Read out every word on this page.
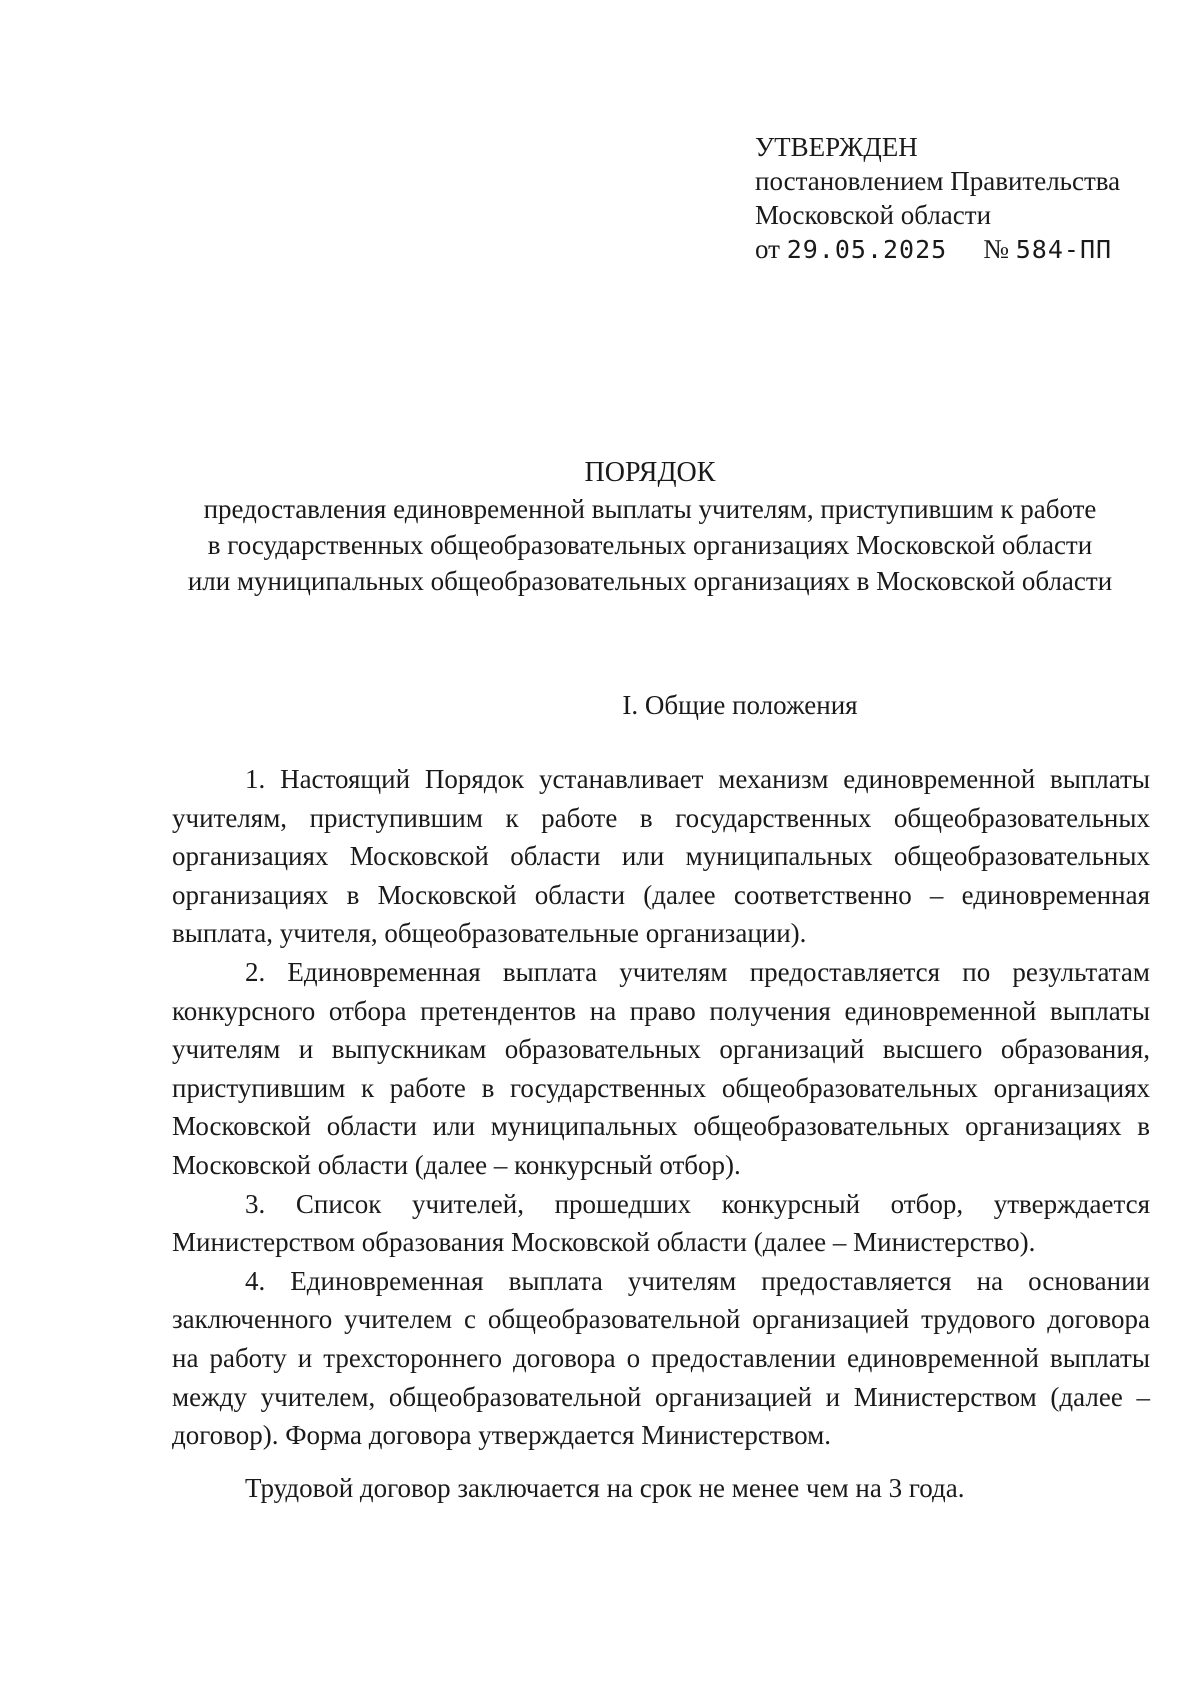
УТВЕРЖДЕН
постановлением Правительства
Московской области
от 29.05.2025 № 584-ПП
ПОРЯДОК
предоставления единовременной выплаты учителям, приступившим к работе
в государственных общеобразовательных организациях Московской области
или муниципальных общеобразовательных организациях в Московской области
I. Общие положения

1. Настоящий Порядок устанавливает механизм единовременной выплаты учителям, приступившим к работе в государственных общеобразовательных организациях Московской области или муниципальных общеобразовательных организациях в Московской области (далее соответственно – единовременная выплата, учителя, общеобразовательные организации).

2. Единовременная выплата учителям предоставляется по результатам конкурсного отбора претендентов на право получения единовременной выплаты учителям и выпускникам образовательных организаций высшего образования, приступившим к работе в государственных общеобразовательных организациях Московской области или муниципальных общеобразовательных организациях в Московской области (далее – конкурсный отбор).

3. Список учителей, прошедших конкурсный отбор, утверждается Министерством образования Московской области (далее – Министерство).

4. Единовременная выплата учителям предоставляется на основании заключенного учителем с общеобразовательной организацией трудового договора на работу и трехстороннего договора о предоставлении единовременной выплаты между учителем, общеобразовательной организацией и Министерством (далее – договор). Форма договора утверждается Министерством.

Трудовой договор заключается на срок не менее чем на 3 года.
